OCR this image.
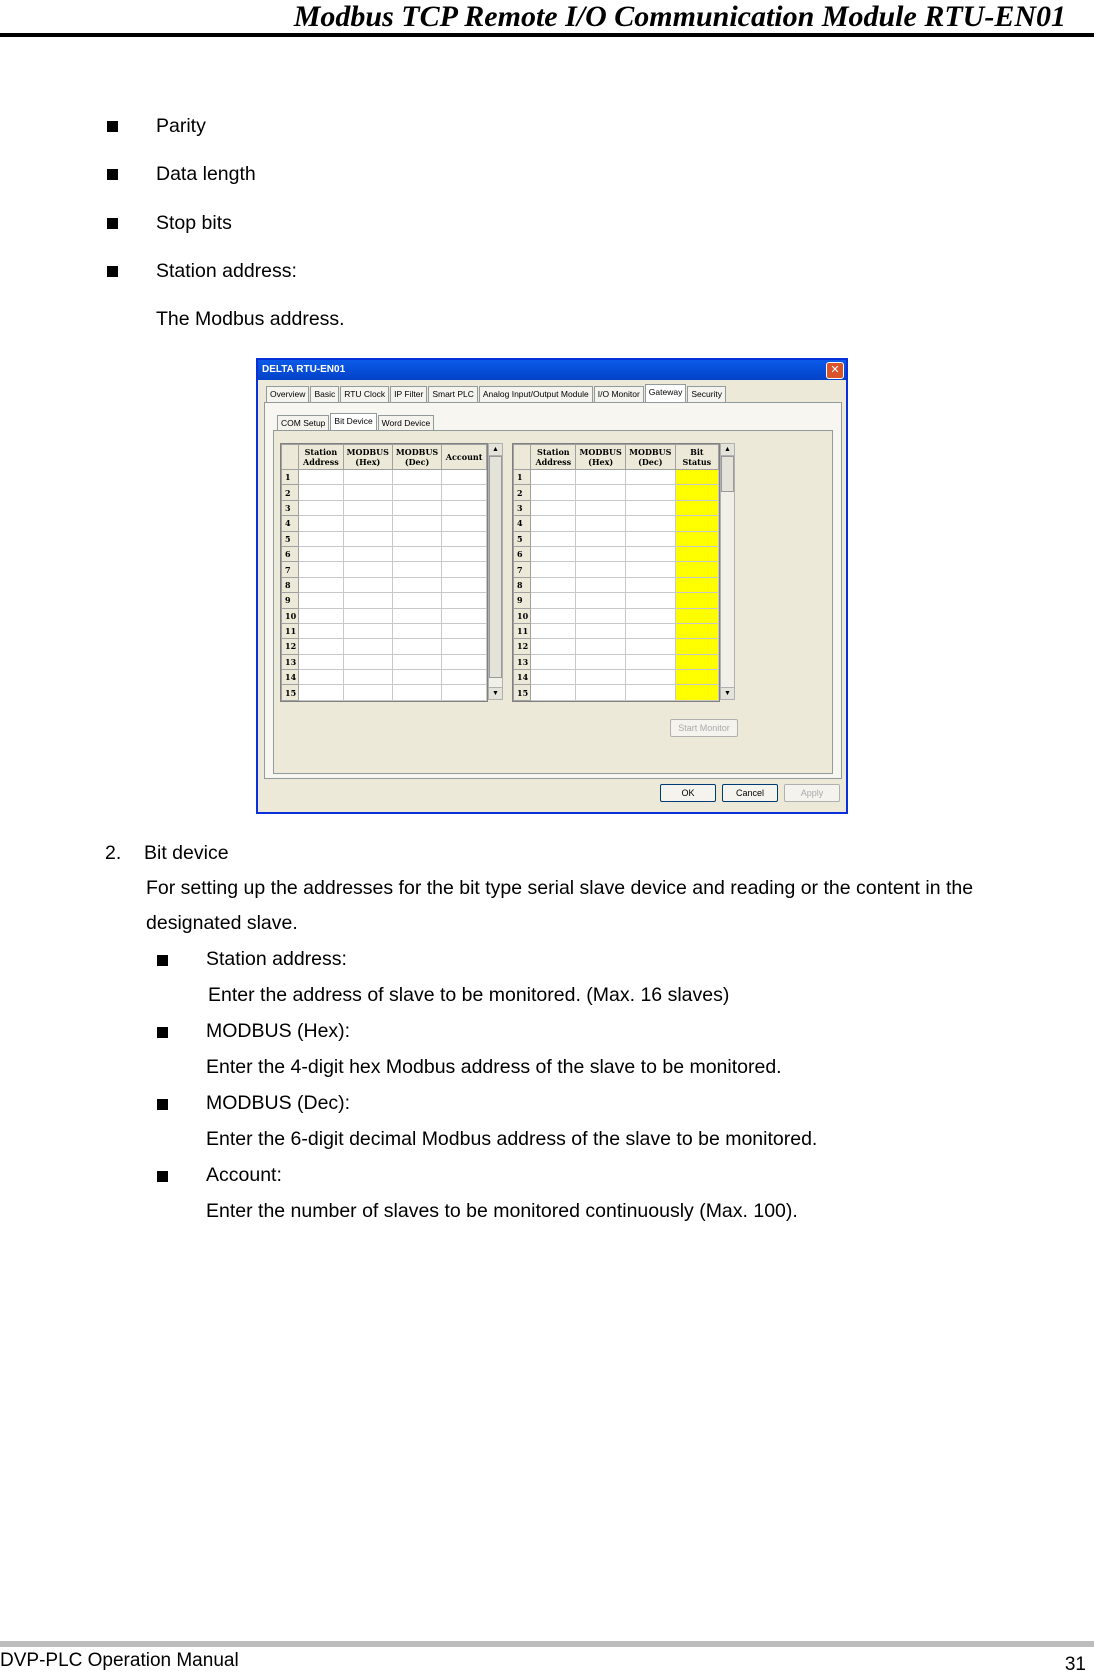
Modbus TCP Remote I/O Communication Module RTU-EN01
Parity
Data length
Stop bits
Station address:
The Modbus address.
DELTA RTU-EN01	✕
Overview	Basic	RTU Clock	IP Filter	Smart PLC	Analog Input/Output Module	I/O Monitor	Gateway	Security
COM Setup	Bit Device	Word Device
	Station Address	MODBUS (Hex)	MODBUS (Dec)	Account
1				
2				
3				
4				
5				
6				
7				
8				
9				
10				
11				
12				
13				
14				
15				
▲
▼
	Station Address	MODBUS (Hex)	MODBUS (Dec)	Bit Status
1				
2				
3				
4				
5				
6				
7				
8				
9				
10				
11				
12				
13				
14				
15				
▲
▼
Start Monitor
OK	Cancel	Apply
2. Bit device
For setting up the addresses for the bit type serial slave device and reading or the content in the
designated slave.
Station address:
Enter the address of slave to be monitored. (Max. 16 slaves)
MODBUS (Hex):
Enter the 4-digit hex Modbus address of the slave to be monitored.
MODBUS (Dec):
Enter the 6-digit decimal Modbus address of the slave to be monitored.
Account:
Enter the number of slaves to be monitored continuously (Max. 100).
DVP-PLC Operation Manual	31
